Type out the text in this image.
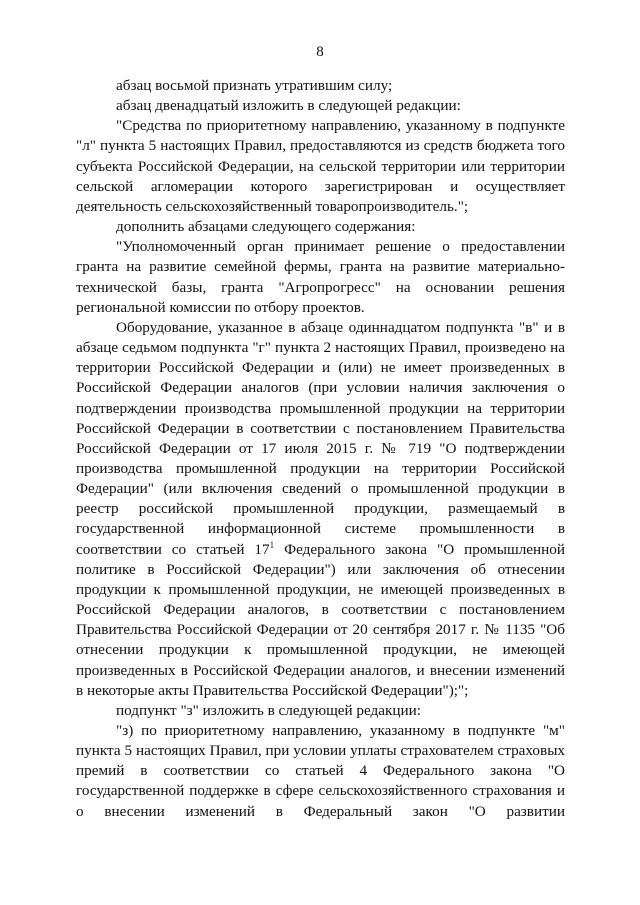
8

абзац восьмой признать утратившим силу;

абзац двенадцатый изложить в следующей редакции:

"Средства по приоритетному направлению, указанному в подпункте "л" пункта 5 настоящих Правил, предоставляются из средств бюджета того субъекта Российской Федерации, на сельской территории или территории сельской агломерации которого зарегистрирован и осуществляет деятельность сельскохозяйственный товаропроизводитель.";

дополнить абзацами следующего содержания:

"Уполномоченный орган принимает решение о предоставлении гранта на развитие семейной фермы, гранта на развитие материально-технической базы, гранта "Агропрогресс" на основании решения региональной комиссии по отбору проектов.

Оборудование, указанное в абзаце одиннадцатом подпункта "в" и в абзаце седьмом подпункта "г" пункта 2 настоящих Правил, произведено на территории Российской Федерации и (или) не имеет произведенных в Российской Федерации аналогов (при условии наличия заключения о подтверждении производства промышленной продукции на территории Российской Федерации в соответствии с постановлением Правительства Российской Федерации от 17 июля 2015 г. № 719 "О подтверждении производства промышленной продукции на территории Российской Федерации" (или включения сведений о промышленной продукции в реестр российской промышленной продукции, размещаемый в государственной информационной системе промышленности в соответствии со статьей $17^1$ Федерального закона "О промышленной политике в Российской Федерации") или заключения об отнесении продукции к промышленной продукции, не имеющей произведенных в Российской Федерации аналогов, в соответствии с постановлением Правительства Российской Федерации от 20 сентября 2017 г. № 1135 "Об отнесении продукции к промышленной продукции, не имеющей произведенных в Российской Федерации аналогов, и внесении изменений в некоторые акты Правительства Российской Федерации");";

подпункт "з" изложить в следующей редакции:

"з) по приоритетному направлению, указанному в подпункте "м" пункта 5 настоящих Правил, при условии уплаты страхователем страховых премий в соответствии со статьей 4 Федерального закона "О государственной поддержке в сфере сельскохозяйственного страхования и о внесении изменений в Федеральный закон "О развитии
